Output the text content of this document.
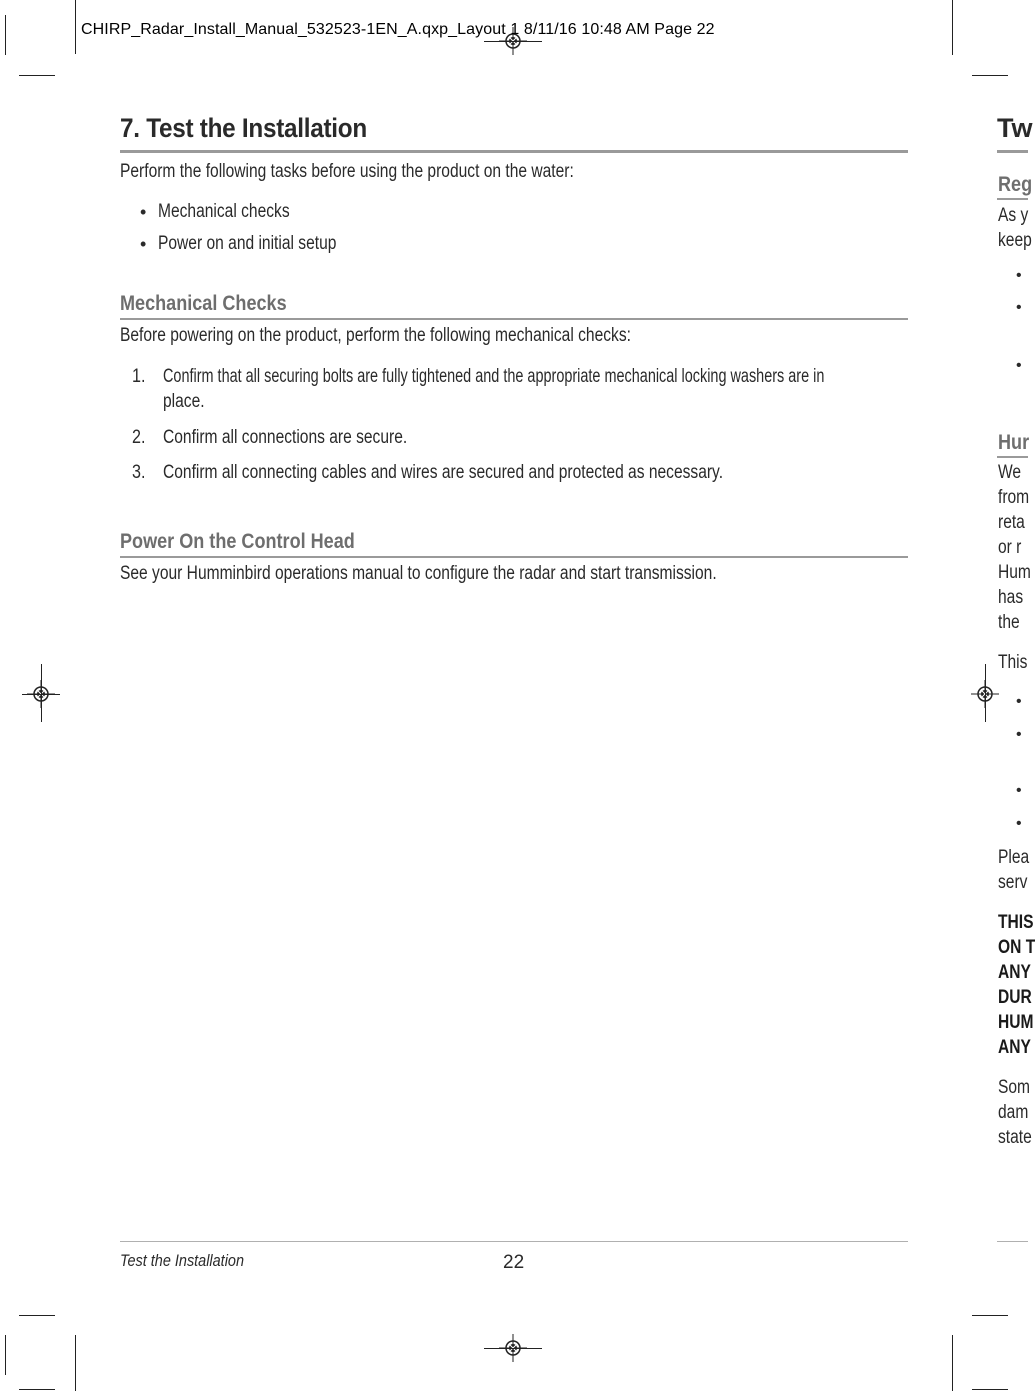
CHIRP_Radar_Install_Manual_532523-1EN_A.qxp_Layout 1 8/11/16 10:48 AM Page 22
7. Test the Installation
Perform the following tasks before using the product on the water:
• Mechanical checks
• Power on and initial setup
Mechanical Checks
Before powering on the product, perform the following mechanical checks:
1. Confirm that all securing bolts are fully tightened and the appropriate mechanical locking washers are in
place.
2. Confirm all connections are secure.
3. Confirm all connecting cables and wires are secured and protected as necessary.
Power On the Control Head
See your Humminbird operations manual to configure the radar and start transmission.
Test the Installation	22
Tw
Reg
As y
keep
•
•
•
Hur
We
from
reta
or r
Hum
has
the
This
•
•
•
•
Plea
serv
THIS
ON T
ANY
DUR
HUM
ANY
Som
dam
state
